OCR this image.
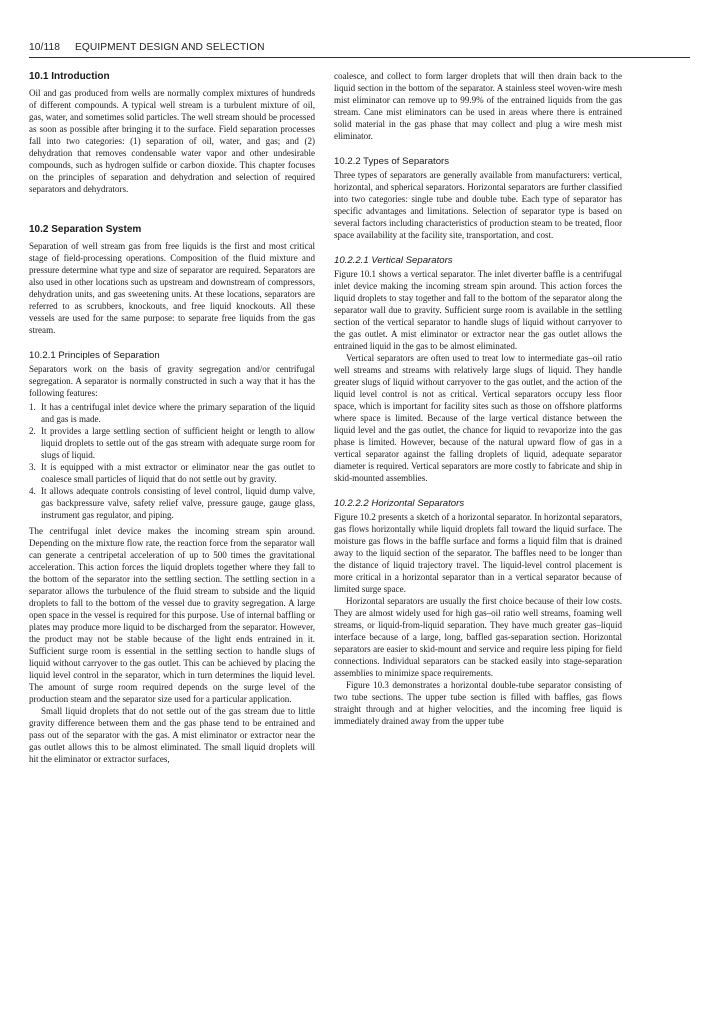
10/118 EQUIPMENT DESIGN AND SELECTION
10.1 Introduction

Oil and gas produced from wells are normally complex mixtures of hundreds of different compounds. A typical well stream is a turbulent mixture of oil, gas, water, and sometimes solid particles. The well stream should be processed as soon as possible after bringing it to the surface. Field separation processes fall into two categories: (1) separation of oil, water, and gas; and (2) dehydration that removes condensable water vapor and other undesirable compounds, such as hydrogen sulfide or carbon dioxide. This chapter focuses on the principles of separation and dehydration and selection of required separators and dehydrators.

10.2 Separation System

Separation of well stream gas from free liquids is the first and most critical stage of field-processing operations. Composition of the fluid mixture and pressure determine what type and size of separator are required. Separators are also used in other locations such as upstream and downstream of compressors, dehydration units, and gas sweetening units. At these locations, separators are referred to as scrubbers, knockouts, and free liquid knockouts. All these vessels are used for the same purpose: to separate free liquids from the gas stream.

10.2.1 Principles of Separation

Separators work on the basis of gravity segregation and/or centrifugal segregation. A separator is normally constructed in such a way that it has the following features:

1. It has a centrifugal inlet device where the primary separation of the liquid and gas is made.
2. It provides a large settling section of sufficient height or length to allow liquid droplets to settle out of the gas stream with adequate surge room for slugs of liquid.
3. It is equipped with a mist extractor or eliminator near the gas outlet to coalesce small particles of liquid that do not settle out by gravity.
4. It allows adequate controls consisting of level control, liquid dump valve, gas backpressure valve, safety relief valve, pressure gauge, gauge glass, instrument gas regulator, and piping.

The centrifugal inlet device makes the incoming stream spin around. Depending on the mixture flow rate, the reaction force from the separator wall can generate a centripetal acceleration of up to 500 times the gravitational acceleration. This action forces the liquid droplets together where they fall to the bottom of the separator into the settling section. The settling section in a separator allows the turbulence of the fluid stream to subside and the liquid droplets to fall to the bottom of the vessel due to gravity segregation. A large open space in the vessel is required for this purpose. Use of internal baffling or plates may produce more liquid to be discharged from the separator. However, the product may not be stable because of the light ends entrained in it. Sufficient surge room is essential in the settling section to handle slugs of liquid without carryover to the gas outlet. This can be achieved by placing the liquid level control in the separator, which in turn determines the liquid level. The amount of surge room required depends on the surge level of the production steam and the separator size used for a particular application.

Small liquid droplets that do not settle out of the gas stream due to little gravity difference between them and the gas phase tend to be entrained and pass out of the separator with the gas. A mist eliminator or extractor near the gas outlet allows this to be almost eliminated. The small liquid droplets will hit the eliminator or extractor surfaces,

coalesce, and collect to form larger droplets that will then drain back to the liquid section in the bottom of the separator. A stainless steel woven-wire mesh mist eliminator can remove up to 99.9% of the entrained liquids from the gas stream. Cane mist eliminators can be used in areas where there is entrained solid material in the gas phase that may collect and plug a wire mesh mist eliminator.

10.2.2 Types of Separators

Three types of separators are generally available from manufacturers: vertical, horizontal, and spherical separators. Horizontal separators are further classified into two categories: single tube and double tube. Each type of separator has specific advantages and limitations. Selection of separator type is based on several factors including characteristics of production steam to be treated, floor space availability at the facility site, transportation, and cost.

10.2.2.1 Vertical Separators

Figure 10.1 shows a vertical separator. The inlet diverter baffle is a centrifugal inlet device making the incoming stream spin around. This action forces the liquid droplets to stay together and fall to the bottom of the separator along the separator wall due to gravity. Sufficient surge room is available in the settling section of the vertical separator to handle slugs of liquid without carryover to the gas outlet. A mist eliminator or extractor near the gas outlet allows the entrained liquid in the gas to be almost eliminated.

Vertical separators are often used to treat low to intermediate gas–oil ratio well streams and streams with relatively large slugs of liquid. They handle greater slugs of liquid without carryover to the gas outlet, and the action of the liquid level control is not as critical. Vertical separators occupy less floor space, which is important for facility sites such as those on offshore platforms where space is limited. Because of the large vertical distance between the liquid level and the gas outlet, the chance for liquid to revaporize into the gas phase is limited. However, because of the natural upward flow of gas in a vertical separator against the falling droplets of liquid, adequate separator diameter is required. Vertical separators are more costly to fabricate and ship in skid-mounted assemblies.

10.2.2.2 Horizontal Separators

Figure 10.2 presents a sketch of a horizontal separator. In horizontal separators, gas flows horizontally while liquid droplets fall toward the liquid surface. The moisture gas flows in the baffle surface and forms a liquid film that is drained away to the liquid section of the separator. The baffles need to be longer than the distance of liquid trajectory travel. The liquid-level control placement is more critical in a horizontal separator than in a vertical separator because of limited surge space.

Horizontal separators are usually the first choice because of their low costs. They are almost widely used for high gas–oil ratio well streams, foaming well streams, or liquid-from-liquid separation. They have much greater gas–liquid interface because of a large, long, baffled gas-separation section. Horizontal separators are easier to skid-mount and service and require less piping for field connections. Individual separators can be stacked easily into stage-separation assemblies to minimize space requirements.

Figure 10.3 demonstrates a horizontal double-tube separator consisting of two tube sections. The upper tube section is filled with baffles, gas flows straight through and at higher velocities, and the incoming free liquid is immediately drained away from the upper tube
